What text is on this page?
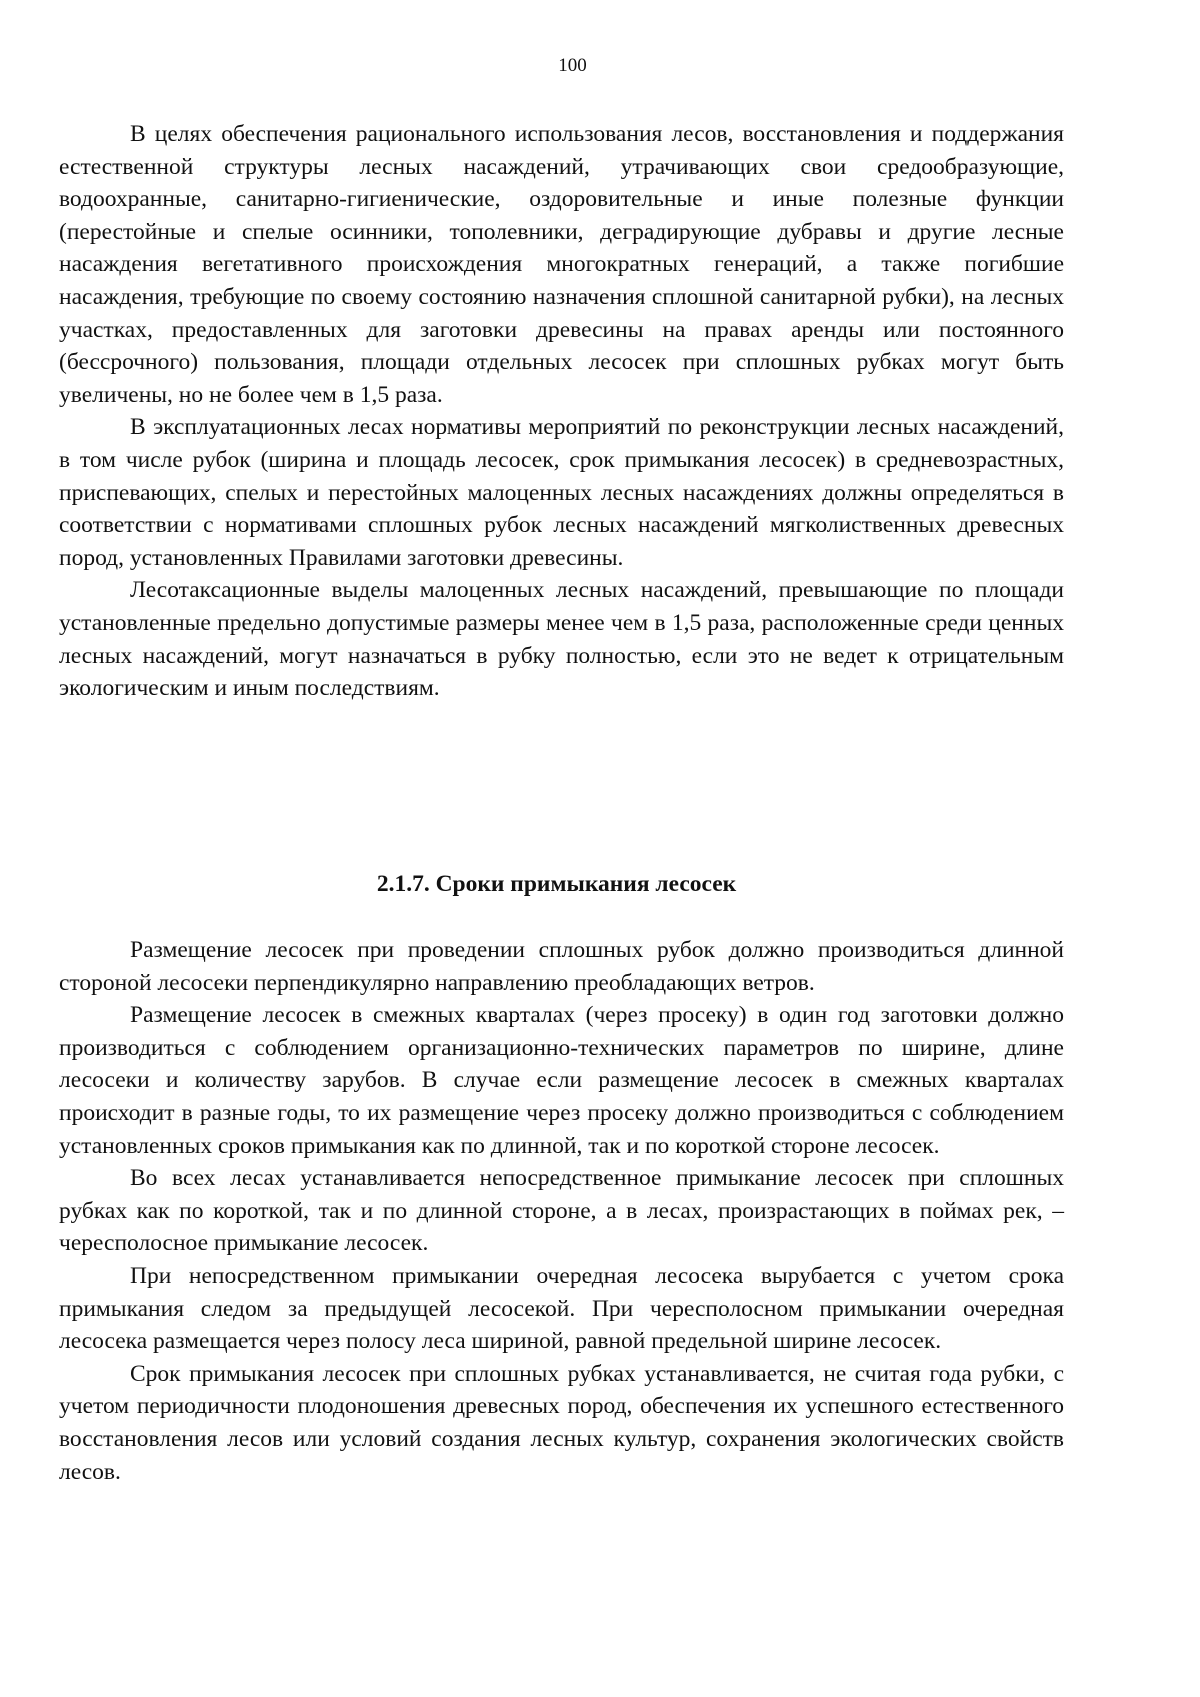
100

В целях обеспечения рационального использования лесов, восстановления и поддержания естественной структуры лесных насаждений, утрачивающих свои средообразующие, водоохранные, санитарно-гигиенические, оздоровительные и иные полезные функции (перестойные и спелые осинники, тополевники, деградирующие дубравы и другие лесные насаждения вегетативного происхождения многократных генераций, а также погибшие насаждения, требующие по своему состоянию назначения сплошной санитарной рубки), на лесных участках, предоставленных для заготовки древесины на правах аренды или постоянного (бессрочного) пользования, площади отдельных лесосек при сплошных рубках могут быть увеличены, но не более чем в 1,5 раза.

В эксплуатационных лесах нормативы мероприятий по реконструкции лесных насаждений, в том числе рубок (ширина и площадь лесосек, срок примыкания лесосек) в средневозрастных, приспевающих, спелых и перестойных малоценных лесных насаждениях должны определяться в соответствии с нормативами сплошных рубок лесных насаждений мягколиственных древесных пород, установленных Правилами заготовки древесины.

Лесотаксационные выделы малоценных лесных насаждений, превышающие по площади установленные предельно допустимые размеры менее чем в 1,5 раза, расположенные среди ценных лесных насаждений, могут назначаться в рубку полностью, если это не ведет к отрицательным экологическим и иным последствиям.

2.1.7. Сроки примыкания лесосек

Размещение лесосек при проведении сплошных рубок должно производиться длинной стороной лесосеки перпендикулярно направлению преобладающих ветров.

Размещение лесосек в смежных кварталах (через просеку) в один год заготовки должно производиться с соблюдением организационно-технических параметров по ширине, длине лесосеки и количеству зарубов. В случае если размещение лесосек в смежных кварталах происходит в разные годы, то их размещение через просеку должно производиться с соблюдением установленных сроков примыкания как по длинной, так и по короткой стороне лесосек.

Во всех лесах устанавливается непосредственное примыкание лесосек при сплошных рубках как по короткой, так и по длинной стороне, а в лесах, произрастающих в поймах рек, – чересполосное примыкание лесосек.

При непосредственном примыкании очередная лесосека вырубается с учетом срока примыкания следом за предыдущей лесосекой. При чересполосном примыкании очередная лесосека размещается через полосу леса шириной, равной предельной ширине лесосек.

Срок примыкания лесосек при сплошных рубках устанавливается, не считая года рубки, с учетом периодичности плодоношения древесных пород, обеспечения их успешного естественного восстановления лесов или условий создания лесных культур, сохранения экологических свойств лесов.
